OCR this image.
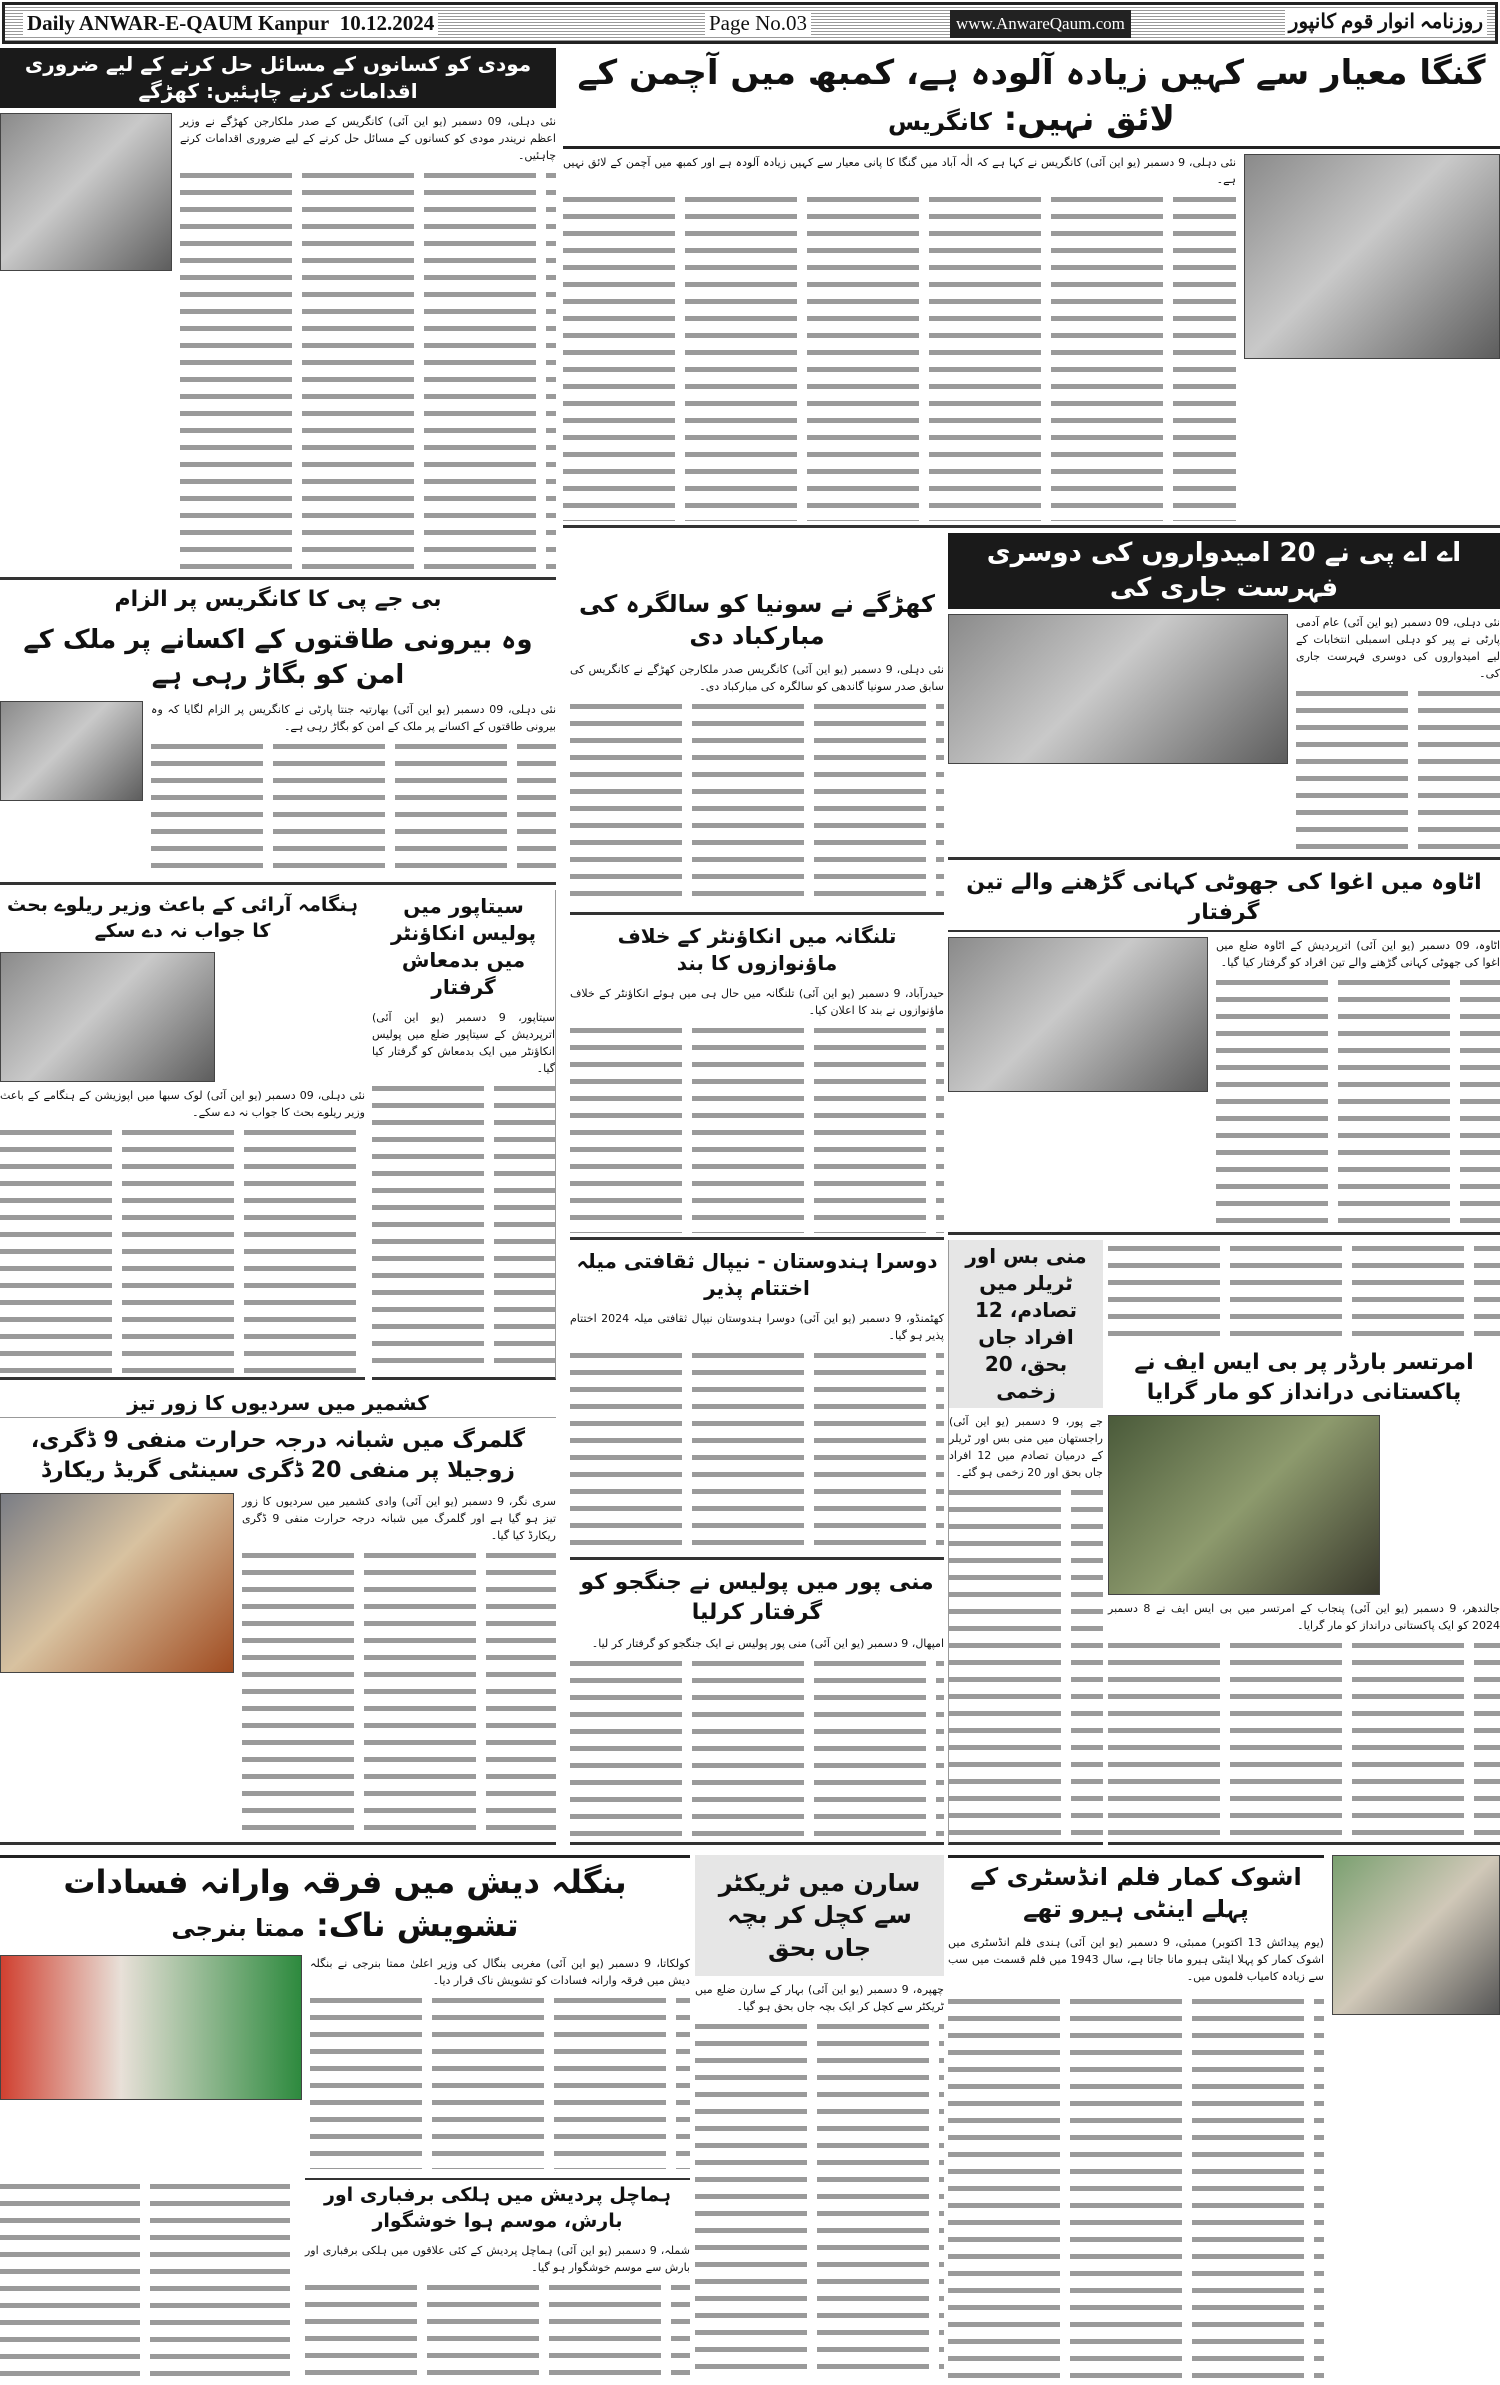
Daily ANWAR-E-QAUM Kanpur 10.12.2024	Page No.03	www.AnwareQaum.com	روزنامہ انوار قوم کانپور
مودی کو کسانوں کے مسائل حل کرنے کے لیے ضروری اقدامات کرنے چاہئیں: کھڑگے

نئی دہلی، 09 دسمبر (یو این آئی) کانگریس کے صدر ملکارجن کھڑگے نے وزیر اعظم نریندر مودی کو کسانوں کے مسائل حل کرنے کے لیے ضروری اقدامات کرنے چاہئیں۔

گنگا معیار سے کہیں زیادہ آلودہ ہے، کمبھ میں آچمن کے لائق نہیں: کانگریس

نئی دہلی، 9 دسمبر (یو این آئی) کانگریس نے کہا ہے کہ الٰہ آباد میں گنگا کا پانی معیار سے کہیں زیادہ آلودہ ہے اور کمبھ میں آچمن کے لائق نہیں ہے۔

اے اے پی نے 20 امیدواروں کی دوسری فہرست جاری کی

نئی دہلی، 09 دسمبر (یو این آئی) عام آدمی پارٹی نے پیر کو دہلی اسمبلی انتخابات کے لیے امیدواروں کی دوسری فہرست جاری کی۔

کھڑگے نے سونیا کو سالگرہ کی مبارکباد دی

نئی دہلی، 9 دسمبر (یو این آئی) کانگریس صدر ملکارجن کھڑگے نے کانگریس کی سابق صدر سونیا گاندھی کو سالگرہ کی مبارکباد دی۔

بی جے پی کا کانگریس پر الزام
وہ بیرونی طاقتوں کے اکسانے پر ملک کے امن کو بگاڑ رہی ہے

نئی دہلی، 09 دسمبر (یو این آئی) بھارتیہ جنتا پارٹی نے کانگریس پر الزام لگایا کہ وہ بیرونی طاقتوں کے اکسانے پر ملک کے امن کو بگاڑ رہی ہے۔

تلنگانہ میں انکاؤنٹر کے خلاف ماؤنوازوں کا بند

حیدرآباد، 9 دسمبر (یو این آئی) تلنگانہ میں حال ہی میں ہوئے انکاؤنٹر کے خلاف ماؤنوازوں نے بند کا اعلان کیا۔

اٹاوہ میں اغوا کی جھوٹی کہانی گڑھنے والے تین گرفتار

اٹاوہ، 09 دسمبر (یو این آئی) اترپردیش کے اٹاوہ ضلع میں اغوا کی جھوٹی کہانی گڑھنے والے تین افراد کو گرفتار کیا گیا۔

ہنگامہ آرائی کے باعث وزیر ریلوے بحث کا جواب نہ دے سکے

نئی دہلی، 09 دسمبر (یو این آئی) لوک سبھا میں اپوزیشن کے ہنگامے کے باعث وزیر ریلوے بحث کا جواب نہ دے سکے۔

سیتاپور میں پولیس انکاؤنٹر میں بدمعاش گرفتار

سیتاپور، 9 دسمبر (یو این آئی) اترپردیش کے سیتاپور ضلع میں پولیس انکاؤنٹر میں ایک بدمعاش کو گرفتار کیا گیا۔

دوسرا ہندوستان - نیپال ثقافتی میلہ اختتام پذیر

کھٹمنڈو، 9 دسمبر (یو این آئی) دوسرا ہندوستان نیپال ثقافتی میلہ 2024 اختتام پذیر ہو گیا۔

منی بس اور ٹریلر میں تصادم، 12 افراد جاں بحق، 20 زخمی

جے پور، 9 دسمبر (یو این آئی) راجستھان میں منی بس اور ٹریلر کے درمیان تصادم میں 12 افراد جاں بحق اور 20 زخمی ہو گئے۔

امرتسر بارڈر پر بی ایس ایف نے پاکستانی درانداز کو مار گرایا

جالندھر، 9 دسمبر (یو این آئی) پنجاب کے امرتسر میں بی ایس ایف نے 8 دسمبر 2024 کو ایک پاکستانی درانداز کو مار گرایا۔

کشمیر میں سردیوں کا زور تیز
گلمرگ میں شبانہ درجہ حرارت منفی 9 ڈگری، زوجیلا پر منفی 20 ڈگری سینٹی گریڈ ریکارڈ

سری نگر، 9 دسمبر (یو این آئی) وادی کشمیر میں سردیوں کا زور تیز ہو گیا ہے اور گلمرگ میں شبانہ درجہ حرارت منفی 9 ڈگری ریکارڈ کیا گیا۔

منی پور میں پولیس نے جنگجو کو گرفتار کرلیا

امپھال، 9 دسمبر (یو این آئی) منی پور پولیس نے ایک جنگجو کو گرفتار کر لیا۔

بنگلہ دیش میں فرقہ وارانہ فسادات تشویش ناک: ممتا بنرجی

کولکاتا، 9 دسمبر (یو این آئی) مغربی بنگال کی وزیر اعلیٰ ممتا بنرجی نے بنگلہ دیش میں فرقہ وارانہ فسادات کو تشویش ناک قرار دیا۔

ہماچل پردیش میں ہلکی برفباری اور بارش، موسم ہوا خوشگوار

شملہ، 9 دسمبر (یو این آئی) ہماچل پردیش کے کئی علاقوں میں ہلکی برفباری اور بارش سے موسم خوشگوار ہو گیا۔

سارن میں ٹریکٹر سے کچل کر بچہ جاں بحق

چھپرہ، 9 دسمبر (یو این آئی) بہار کے سارن ضلع میں ٹریکٹر سے کچل کر ایک بچہ جاں بحق ہو گیا۔

اشوک کمار فلم انڈسٹری کے پہلے اینٹی ہیرو تھے

(یوم پیدائش 13 اکتوبر) ممبئی، 9 دسمبر (یو این آئی) ہندی فلم انڈسٹری میں اشوک کمار کو پہلا اینٹی ہیرو مانا جاتا ہے، سال 1943 میں فلم قسمت میں سب سے زیادہ کامیاب فلموں میں۔
